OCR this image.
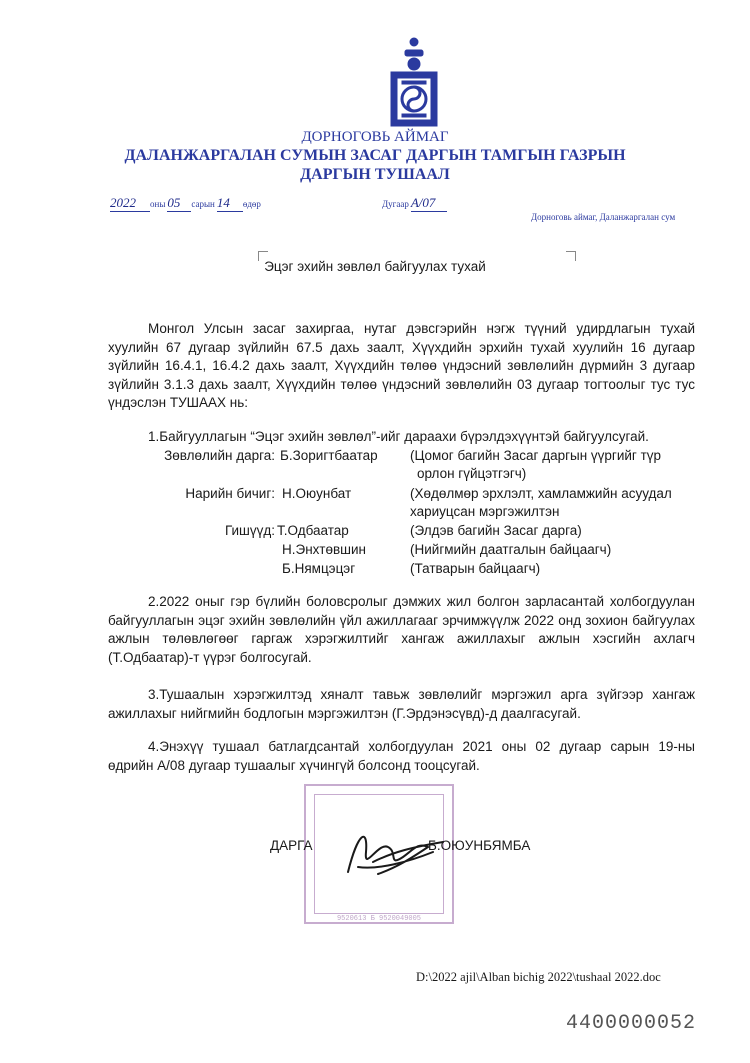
ДОРНОГОВЬ АЙМАГ
ДАЛАНЖАРГАЛАН СУМЫН ЗАСАГ ДАРГЫН ТАМГЫН ГАЗРЫН
ДАРГЫН ТУШААЛ
2022 оны 05 сарын 14 өдөр	Дугаар A/07
Дорноговь аймаг, Даланжаргалан сум
Эцэг эхийн зөвлөл байгуулах тухай
Монгол Улсын засаг захиргаа, нутаг дэвсгэрийн нэгж түүний удирдлагын тухай хуулийн 67 дугаар зүйлийн 67.5 дахь заалт, Хүүхдийн эрхийн тухай хуулийн 16 дугаар зүйлийн 16.4.1, 16.4.2 дахь заалт, Хүүхдийн төлөө үндэсний зөвлөлийн дүрмийн 3 дугаар зүйлийн 3.1.3 дахь заалт, Хүүхдийн төлөө үндэсний зөвлөлийн 03 дугаар тогтоолыг тус тус үндэслэн ТУШААХ нь:
1.Байгууллагын “Эцэг эхийн зөвлөл”-ийг дараахи бүрэлдэхүүнтэй байгуулсугай.
Зөвлөлийн дарга: Б.Зоригтбаатар (Цомог багийн Засаг даргын үүргийг түр
орлон гүйцэтгэгч)
Нарийн бичиг: Н.Оюунбат	(Хөдөлмөр эрхлэлт, хамламжийн асуудал
хариуцсан мэргэжилтэн
Гишүүд: Т.Одбаатар	(Элдэв багийн Засаг дарга)
Н.Энхтөвшин	(Нийгмийн даатгалын байцаагч)
Б.Нямцэцэг	(Татварын байцаагч)
2.2022 оныг гэр бүлийн боловсролыг дэмжих жил болгон зарласантай холбогдуулан байгууллагын эцэг эхийн зөвлөлийн үйл ажиллагааг эрчимжүүлж 2022 онд зохион байгуулах ажлын төлөвлөгөөг гаргаж хэрэгжилтийг хангаж ажиллахыг ажлын хэсгийн ахлагч (Т.Одбаатар)-т үүрэг болгосугай.
3.Тушаалын хэрэгжилтэд хяналт тавьж зөвлөлийг мэргэжил арга зүйгээр хангаж ажиллахыг нийгмийн бодлогын мэргэжилтэн (Г.Эрдэнэсүвд)-д даалгасугай.
4.Энэхүү тушаал батлагдсантай холбогдуулан 2021 оны 02 дугаар сарын 19-ны өдрийн А/08 дугаар тушаалыг хүчингүй болсонд тооцсугай.
9520613 Б 9520049005
ДАРГА	Б.ОЮУНБЯМБА
D:\2022 ajil\Alban bichig 2022\tushaal 2022.doc
4400000052
